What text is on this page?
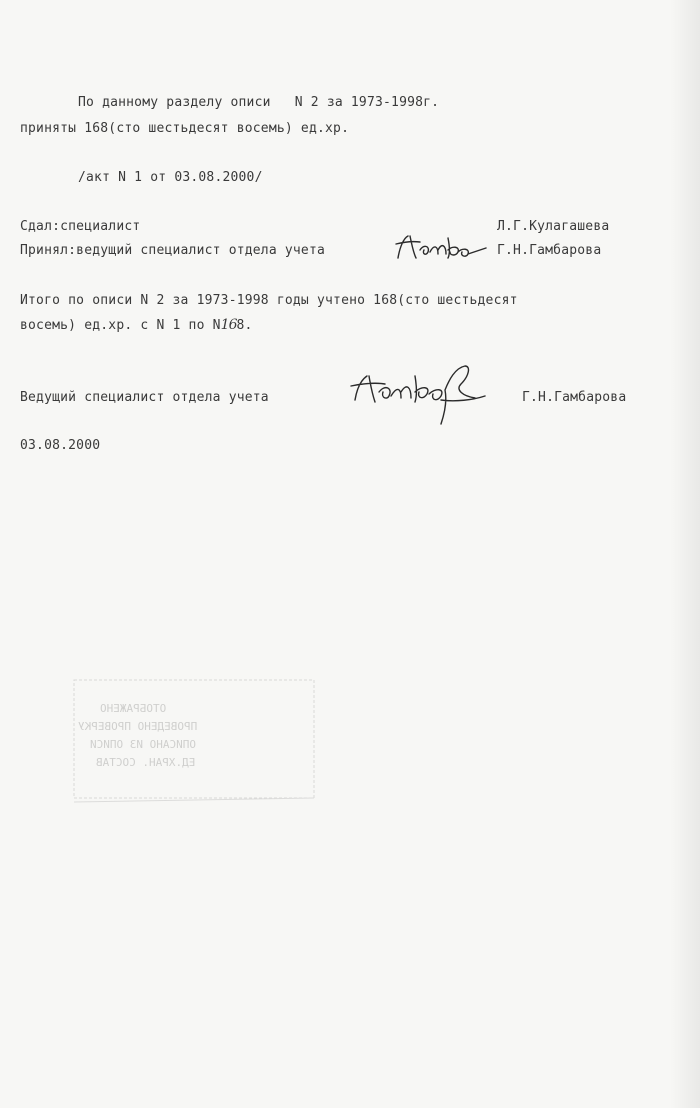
По данному разделу описи   N 2 за 1973-1998г.
приняты 168(сто шестьдесят восемь) ед.хр.
/акт N 1 от 03.08.2000/
Сдал:специалист	Л.Г.Кулагашева
Принял:ведущий специалист отдела учета	Г.Н.Гамбарова
Итого по описи N 2 за 1973-1998 годы учтено 168(сто шестьдесят
восемь) ед.хр. с N 1 по N168.
Ведущий специалист отдела учета	Г.Н.Гамбарова
03.08.2000
ОТОБРАЖЕНО
ПРОВЕДЕНО ПРОВЕРКУ
ОПИСАНО ИЗ ОПИСИ
ЕД.ХРАН. СОСТАВ
